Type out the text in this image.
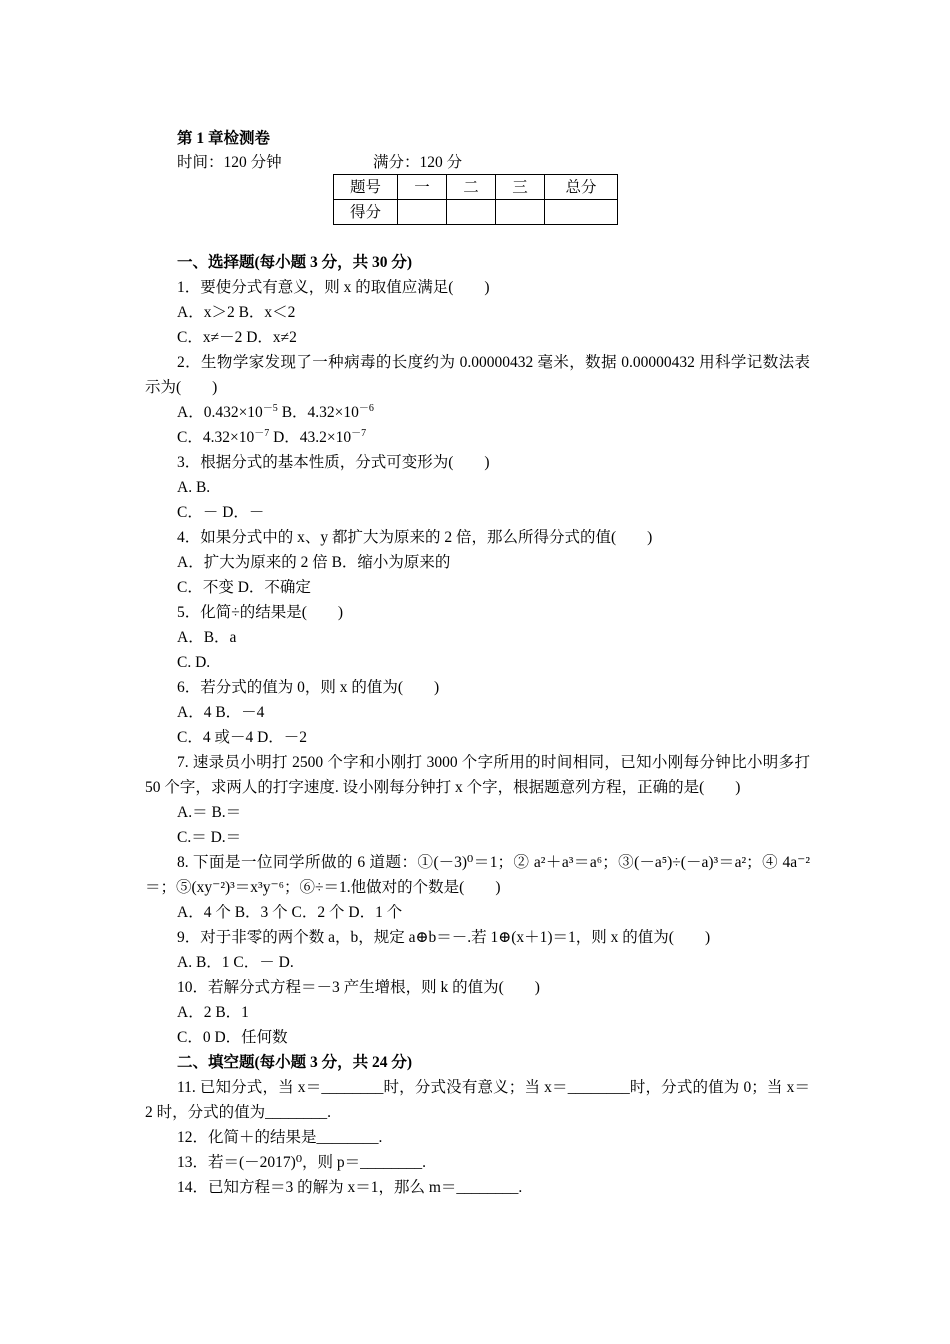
第 1 章检测卷
时间：120 分钟	满分：120 分
题号	一	二	三	总分
得分				
一、选择题(每小题 3 分，共 30 分)
1．要使分式有意义，则 x 的取值应满足(　　)
A．x＞2 B．x＜2
C．x≠－2 D．x≠2
2．生物学家发现了一种病毒的长度约为 0.00000432 毫米，数据 0.00000432 用科学记数法表示为(　　)
A．$0.432\times 10^{-5}$ B．$4.32\times 10^{-6}$
C．$4.32\times 10^{-7}$ D．$43.2\times 10^{-7}$
3．根据分式的基本性质，分式可变形为(　　)
A. B.
C．－ D．－
4．如果分式中的 x、y 都扩大为原来的 2 倍，那么所得分式的值(　　)
A．扩大为原来的 2 倍 B．缩小为原来的
C．不变 D．不确定
5．化简÷的结果是(　　)
A．B．a
C. D.
6．若分式的值为 0，则 x 的值为(　　)
A．4 B．－4
C．4 或－4 D．－2
7. 速录员小明打 2500 个字和小刚打 3000 个字所用的时间相同，已知小刚每分钟比小明多打 50 个字，求两人的打字速度. 设小刚每分钟打 x 个字，根据题意列方程，正确的是(　　)
A.＝ B.＝
C.＝ D.＝
8. 下面是一位同学所做的 6 道题：①(－3)⁰＝1；② a²＋a³＝a⁶；③(－a⁵)÷(－a)³＝a²；④ 4a⁻²＝；⑤(xy⁻²)³＝x³y⁻⁶；⑥÷＝1.他做对的个数是(　　)
A．4 个 B．3 个 C．2 个 D．1 个
9．对于非零的两个数 a，b，规定 a⊕b＝－.若 1⊕(x＋1)＝1，则 x 的值为(　　)
A. B．1 C．－ D.
10．若解分式方程＝－3 产生增根，则 k 的值为(　　)
A．2 B．1
C．0 D．任何数
二、填空题(每小题 3 分，共 24 分)
11. 已知分式，当 x＝________时，分式没有意义；当 x＝________时，分式的值为 0；当 x＝2 时，分式的值为________.
12．化简＋的结果是________.
13．若＝(－2017)⁰，则 p＝________.
14．已知方程＝3 的解为 x＝1，那么 m＝________.
